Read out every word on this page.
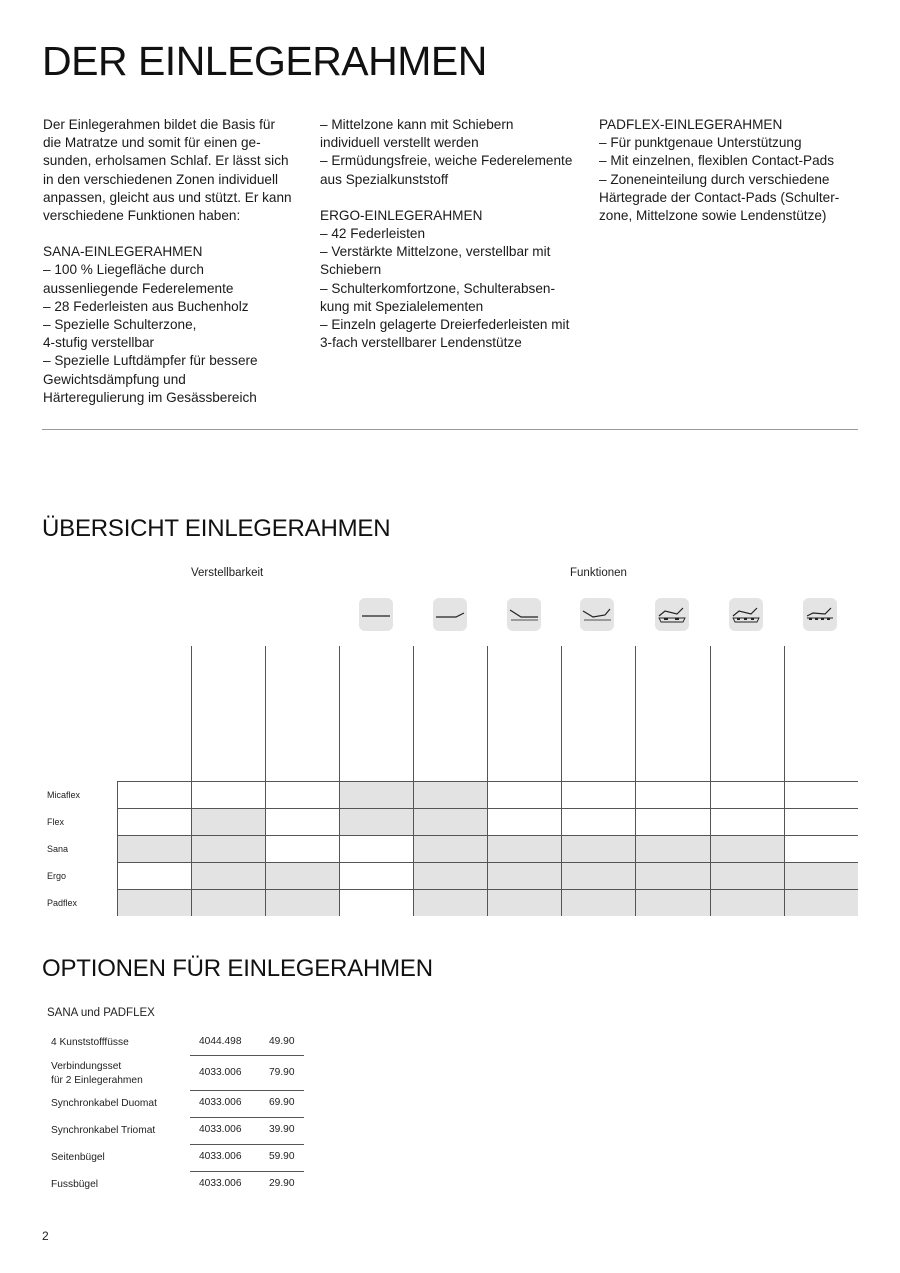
DER EINLEGERAHMEN

Der Einlegerahmen bildet die Basis für
die Matratze und somit für einen ge-
sunden, erholsamen Schlaf. Er lässt sich
in den verschiedenen Zonen individuell
anpassen, gleicht aus und stützt. Er kann
verschiedene Funktionen haben:

SANA-EINLEGERAHMEN

– 100 % Liegefläche durch
aussenliegende Federelemente
– 28 Federleisten aus Buchenholz
– Spezielle Schulterzone,
4-stufig verstellbar
– Spezielle Luftdämpfer für bessere
Gewichtsdämpfung und
Härteregulierung im Gesässbereich
– Mittelzone kann mit Schiebern
individuell verstellt werden
– Ermüdungsfreie, weiche Federelemente
aus Spezialkunststoff

ERGO-EINLEGERAHMEN

– 42 Federleisten
– Verstärkte Mittelzone, verstellbar mit
Schiebern
– Schulterkomfortzone, Schulterabsen-
kung mit Spezialelementen
– Einzeln gelagerte Dreierfederleisten mit
3-fach verstellbarer Lendenstütze

PADFLEX-EINLEGERAHMEN

– Für punktgenaue Unterstützung
– Mit einzelnen, flexiblen Contact-Pads
– Zoneneinteilung durch verschiedene
Härtegrade der Contact-Pads (Schulter-
zone, Mittelzone sowie Lendenstütze)
ÜBERSICHT EINLEGERAHMEN
Verstellbarkeit	Funktionen
Micaflex
Flex
Sana
Ergo
Padflex
OPTIONEN FÜR EINLEGERAHMEN
SANA und PADFLEX
4 Kunststofffüsse	4044.498	49.90
Verbindungsset
für 2 Einlegerahmen
4033.006	79.90
Synchronkabel Duomat	4033.006	69.90
Synchronkabel Triomat	4033.006	39.90
Seitenbügel	4033.006	59.90
Fussbügel	4033.006	29.90
2
